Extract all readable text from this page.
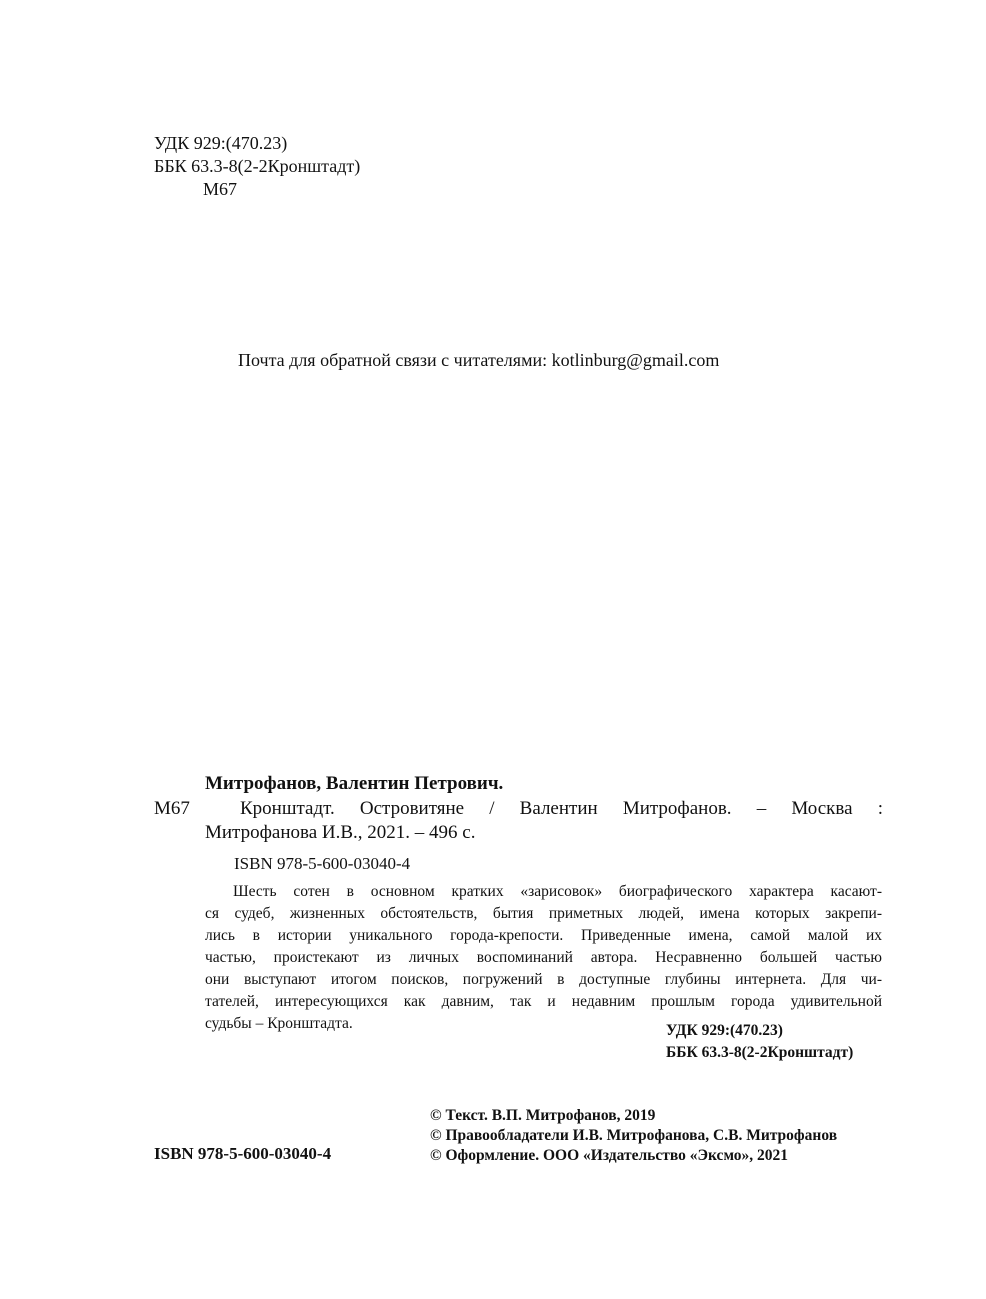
УДК 929:(470.23)
ББК 63.3-8(2-2Кронштадт)
М67
Почта для обратной связи с читателями: kotlinburg@gmail.com
Митрофанов, Валентин Петрович.
М67	Кронштадт. Островитяне / Валентин Митрофанов. – Москва :
Митрофанова И.В., 2021. – 496 с.
ISBN 978-5-600-03040-4
Шесть сотен в основном кратких «зарисовок» биографического характера касают-
ся судеб, жизненных обстоятельств, бытия приметных людей, имена которых закрепи-
лись в истории уникального города-крепости. Приведенные имена, самой малой их
частью, проистекают из личных воспоминаний автора. Несравненно большей частью
они выступают итогом поисков, погружений в доступные глубины интернета. Для чи-
тателей, интересующихся как давним, так и недавним прошлым города удивительной
судьбы – Кронштадта.	УДК 929:(470.23)
ББК 63.3-8(2-2Кронштадт)
© Текст. В.П. Митрофанов, 2019
© Правообладатели И.В. Митрофанова, С.В. Митрофанов
© Оформление. ООО «Издательство «Эксмо», 2021
ISBN 978-5-600-03040-4
